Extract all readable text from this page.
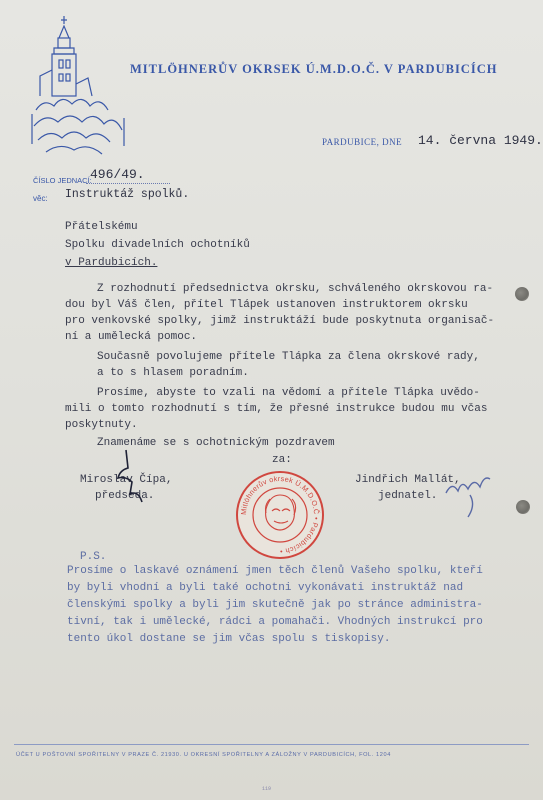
MITLÖHNERŮV OKRSEK Ú.M.D.O.Č. V PARDUBICÍCH
PARDUBICE, DNE 14. června 1949.
ČÍSLO JEDNACÍ:
496/49.
věc: Instruktáž spolků.
Přátelskému
Spolku divadelních ochotníků
v Pardubicích.
Z rozhodnutí předsednictva okrsku, schváleného okrskovou ra-
dou byl Váš člen, přítel Tlápek ustanoven instruktorem okrsku
pro venkovské spolky, jimž instruktáží bude poskytnuta organisač-
ní a umělecká pomoc.
Současně povolujeme přítele Tlápka za člena okrskové rady,
a to s hlasem poradním.
Prosíme, abyste to vzali na vědomí a přítele Tlápka uvědo-
mili o tomto rozhodnutí s tím, že přesné instrukce budou mu včas
poskytnuty.
Znamenáme se s ochotnickým pozdravem
za:
Miroslav Čípa,
předseda.
Jindřich Mallát,
jednatel.
Mitlöhnerův okrsek Ú.M.D.O.Č • Pardubicích •
P.S.
Prosíme o laskavé oznámení jmen těch členů Vašeho spolku, kteří
by byli vhodní a byli také ochotni vykonávati instruktáž nad
členskými spolky a byli jim skutečně jak po stránce administra-
tivní, tak i umělecké, rádci a pomahači. Vhodných instrukcí pro
tento úkol dostane se jim včas spolu s tiskopisy.
ÚČET U POŠTOVNÍ SPOŘITELNY V PRAZE Č. 21930. U OKRESNÍ SPOŘITELNY A ZÁLOŽNY V PARDUBICÍCH, FOL. 1204
119
